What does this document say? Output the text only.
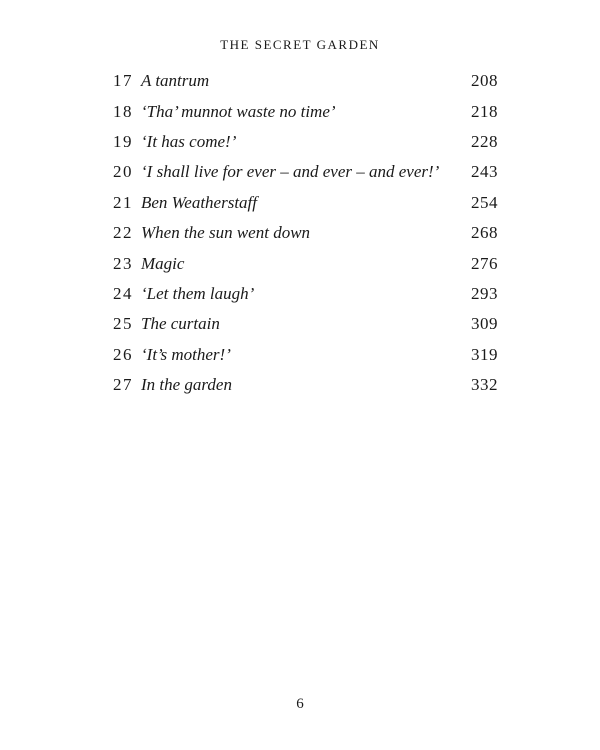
THE SECRET GARDEN
17 A tantrum	208
18 ‘Tha’ munnot waste no time’	218
19 ‘It has come!’	228
20 ‘I shall live for ever – and ever – and ever!’	243
21 Ben Weatherstaff	254
22 When the sun went down	268
23 Magic	276
24 ‘Let them laugh’	293
25 The curtain	309
26 ‘It’s mother!’	319
27 In the garden	332
6
